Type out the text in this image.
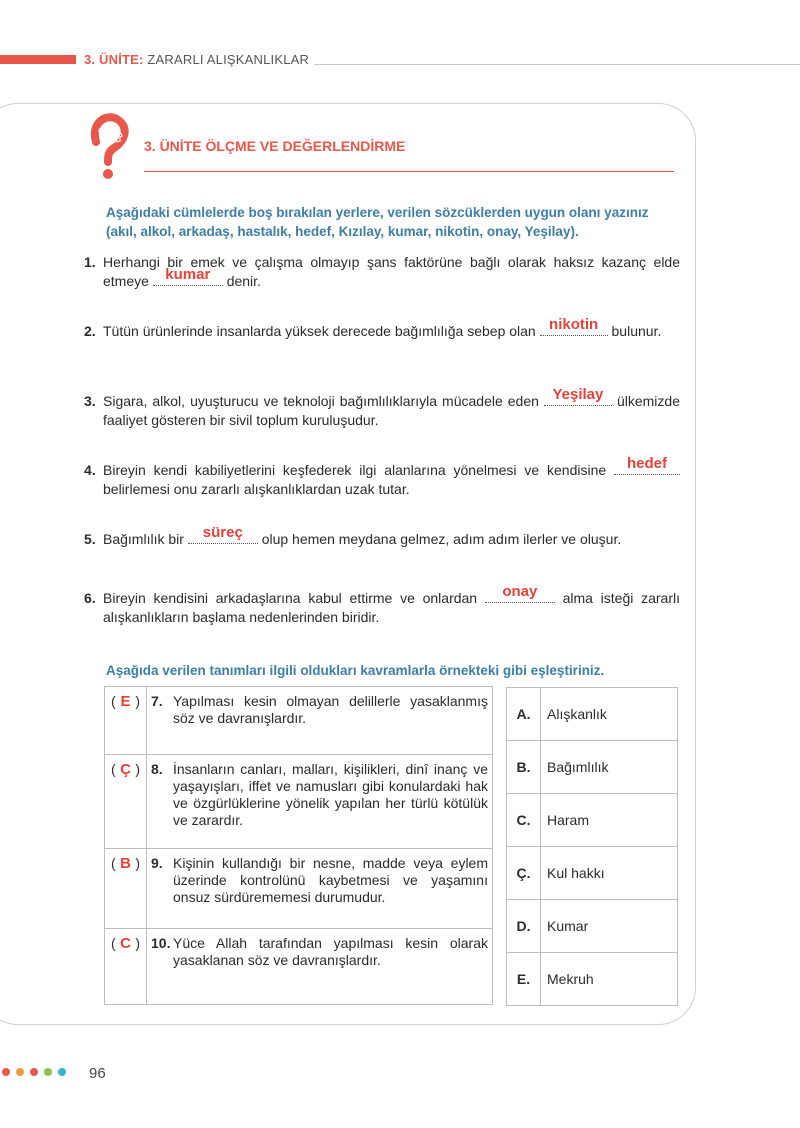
3. ÜNİTE: ZARARLI ALIŞKANLIKLAR
a
b
c 3. ÜNİTE ÖLÇME VE DEĞERLENDİRME
Aşağıdaki cümlelerde boş bırakılan yerlere, verilen sözcüklerden uygun olanı yazınız
(akıl, alkol, arkadaş, hastalık, hedef, Kızılay, kumar, nikotin, onay, Yeşilay).
1. Herhangi bir emek ve çalışma olmayıp şans faktörüne bağlı olarak haksız kazanç elde etmeye kumar denir.
2. Tütün ürünlerinde insanlarda yüksek derecede bağımlılığa sebep olan nikotin bulunur.
3. Sigara, alkol, uyuşturucu ve teknoloji bağımlılıklarıyla mücadele eden Yeşilay ülkemizde faaliyet gösteren bir sivil toplum kuruluşudur.
4. Bireyin kendi kabiliyetlerini keşfederek ilgi alanlarına yönelmesi ve kendisine hedef
belirlemesi onu zararlı alışkanlıklardan uzak tutar.
5. Bağımlılık bir süreç	olup hemen meydana gelmez, adım adım ilerler ve oluşur.
6. Bireyin kendisini arkadaşlarına kabul ettirme ve onlardan	onay	alma isteği zararlı alışkanlıkların başlama nedenlerinden biridir.
Aşağıda verilen tanımları ilgili oldukları kavramlarla örnekteki gibi eşleştiriniz.
( E )	7. Yapılması kesin olmayan delillerle yasaklanmış söz ve davranışlardır.

( Ç )	8. İnsanların canları, malları, kişilikleri, dinî inanç ve yaşayışları, iffet ve namusları gibi konulardaki hak ve özgürlüklerine yönelik yapılan her türlü kötülük ve zarardır.

( B )	9. Kişinin kullandığı bir nesne, madde veya eylem üzerinde kontrolünü kaybetmesi ve yaşamını onsuz sürdürememesi durumudur.

( C )	10. Yüce Allah tarafından yapılması kesin olarak yasaklanan söz ve davranışlardır.
A.	Alışkanlık
B.	Bağımlılık
C.	Haram
Ç.	Kul hakkı
D.	Kumar
E.	Mekruh
96
